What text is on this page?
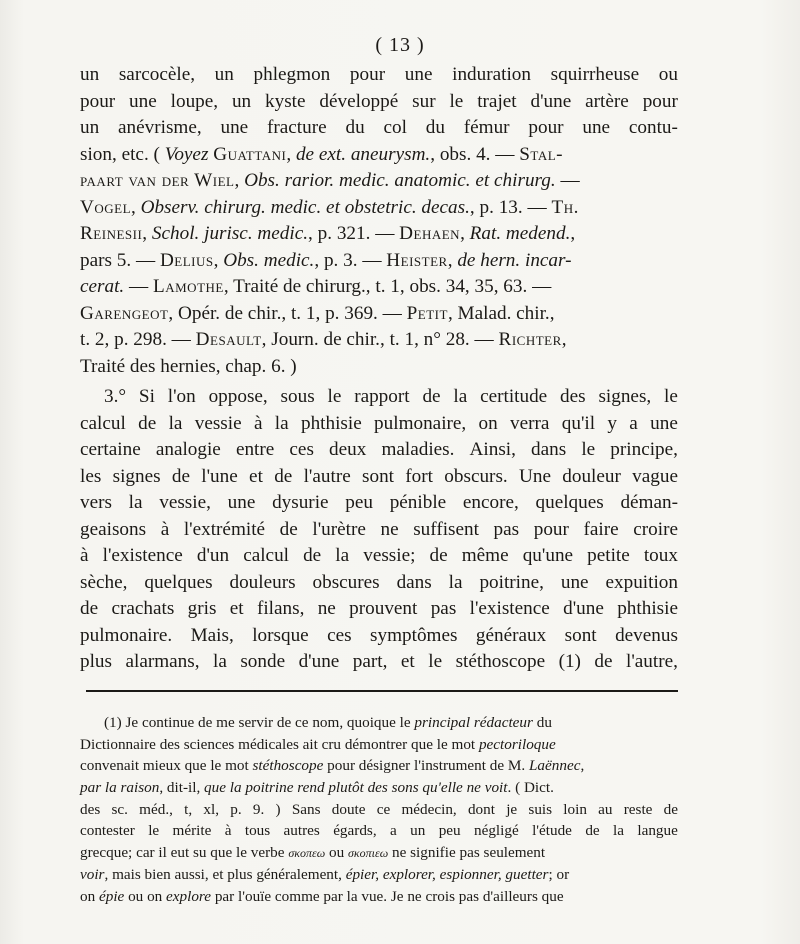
( 13 )
un sarcocèle, un phlegmon pour une induration squirrheuse ou
pour une loupe, un kyste développé sur le trajet d'une artère pour
un anévrisme, une fracture du col du fémur pour une contu-
sion, etc. ( Voyez Guattani, de ext. aneurysm., obs. 4. — Stal-
paart van der Wiel, Obs. rarior. medic. anatomic. et chirurg. —
Vogel, Observ. chirurg. medic. et obstetric. decas., p. 13. — Th.
Reinesii, Schol. jurisc. medic., p. 321. — Dehaen, Rat. medend.,
pars 5. — Delius, Obs. medic., p. 3. — Heister, de hern. incar-
cerat. — Lamothe, Traité de chirurg., t. 1, obs. 34, 35, 63. —
Garengeot, Opér. de chir., t. 1, p. 369. — Petit, Malad. chir.,
t. 2, p. 298. — Desault, Journ. de chir., t. 1, n° 28. — Richter,
Traité des hernies, chap. 6. )
3.° Si l'on oppose, sous le rapport de la certitude des signes, le
calcul de la vessie à la phthisie pulmonaire, on verra qu'il y a une
certaine analogie entre ces deux maladies. Ainsi, dans le principe,
les signes de l'une et de l'autre sont fort obscurs. Une douleur vague
vers la vessie, une dysurie peu pénible encore, quelques déman-
geaisons à l'extrémité de l'urètre ne suffisent pas pour faire croire
à l'existence d'un calcul de la vessie; de même qu'une petite toux
sèche, quelques douleurs obscures dans la poitrine, une expuition
de crachats gris et filans, ne prouvent pas l'existence d'une phthisie
pulmonaire. Mais, lorsque ces symptômes généraux sont devenus
plus alarmans, la sonde d'une part, et le stéthoscope (1) de l'autre,
(1) Je continue de me servir de ce nom, quoique le principal rédacteur du
Dictionnaire des sciences médicales ait cru démontrer que le mot pectoriloque
convenait mieux que le mot stéthoscope pour désigner l'instrument de M. Laënnec,
par la raison, dit-il, que la poitrine rend plutôt des sons qu'elle ne voit. ( Dict.
des sc. méd., t, xl, p. 9. ) Sans doute ce médecin, dont je suis loin au reste de
contester le mérite à tous autres égards, a un peu négligé l'étude de la langue
grecque; car il eut su que le verbe σκοπεω ou σκοπιεω ne signifie pas seulement
voir, mais bien aussi, et plus généralement, épier, explorer, espionner, guetter; or
on épie ou on explore par l'ouïe comme par la vue. Je ne crois pas d'ailleurs que
